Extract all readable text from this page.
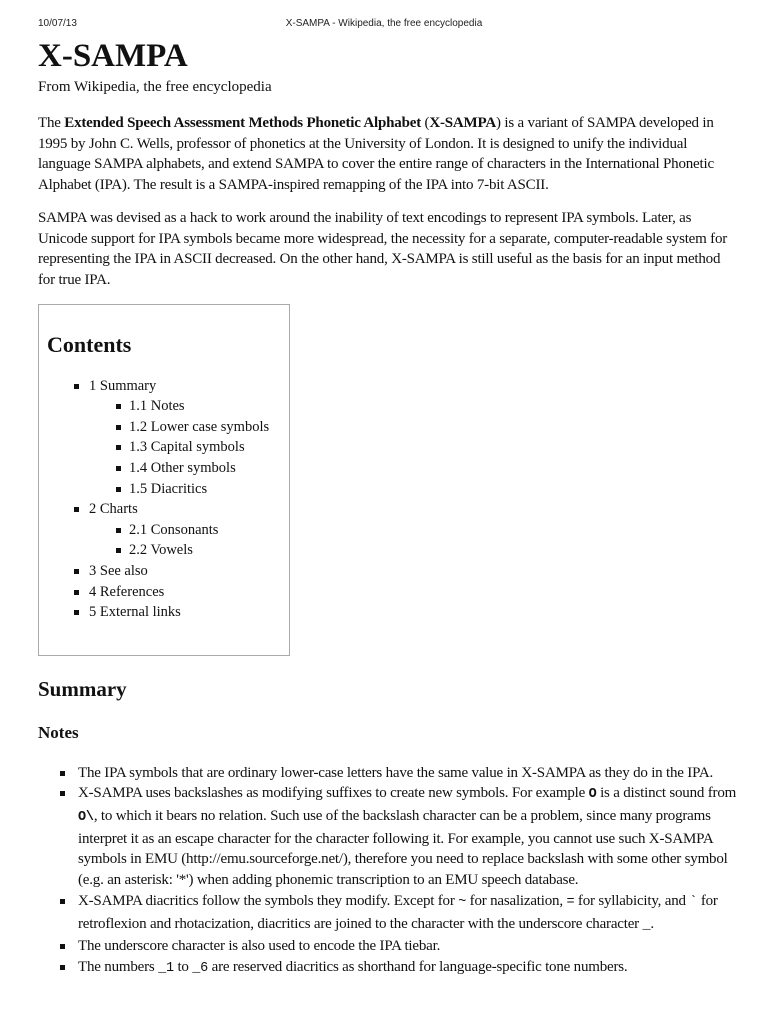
10/07/13	X-SAMPA - Wikipedia, the free encyclopedia
X-SAMPA
From Wikipedia, the free encyclopedia

The Extended Speech Assessment Methods Phonetic Alphabet (X-SAMPA) is a variant of SAMPA developed in 1995 by John C. Wells, professor of phonetics at the University of London. It is designed to unify the individual language SAMPA alphabets, and extend SAMPA to cover the entire range of characters in the International Phonetic Alphabet (IPA). The result is a SAMPA-inspired remapping of the IPA into 7-bit ASCII.

SAMPA was devised as a hack to work around the inability of text encodings to represent IPA symbols. Later, as Unicode support for IPA symbols became more widespread, the necessity for a separate, computer-readable system for representing the IPA in ASCII decreased. On the other hand, X-SAMPA is still useful as the basis for an input method for true IPA.

Contents
1 Summary
1.1 Notes
1.2 Lower case symbols
1.3 Capital symbols
1.4 Other symbols
1.5 Diacritics
2 Charts
2.1 Consonants
2.2 Vowels
3 See also
4 References
5 External links
Summary
Notes
The IPA symbols that are ordinary lower-case letters have the same value in X-SAMPA as they do in the IPA.
X-SAMPA uses backslashes as modifying suffixes to create new symbols. For example O is a distinct sound from O\, to which it bears no relation. Such use of the backslash character can be a problem, since many programs interpret it as an escape character for the character following it. For example, you cannot use such X-SAMPA symbols in EMU (http://emu.sourceforge.net/), therefore you need to replace backslash with some other symbol (e.g. an asterisk: '*') when adding phonemic transcription to an EMU speech database.
X-SAMPA diacritics follow the symbols they modify. Except for ~ for nasalization, = for syllabicity, and ` for retroflexion and rhotacization, diacritics are joined to the character with the underscore character _.
The underscore character is also used to encode the IPA tiebar.
The numbers _1 to _6 are reserved diacritics as shorthand for language-specific tone numbers.
